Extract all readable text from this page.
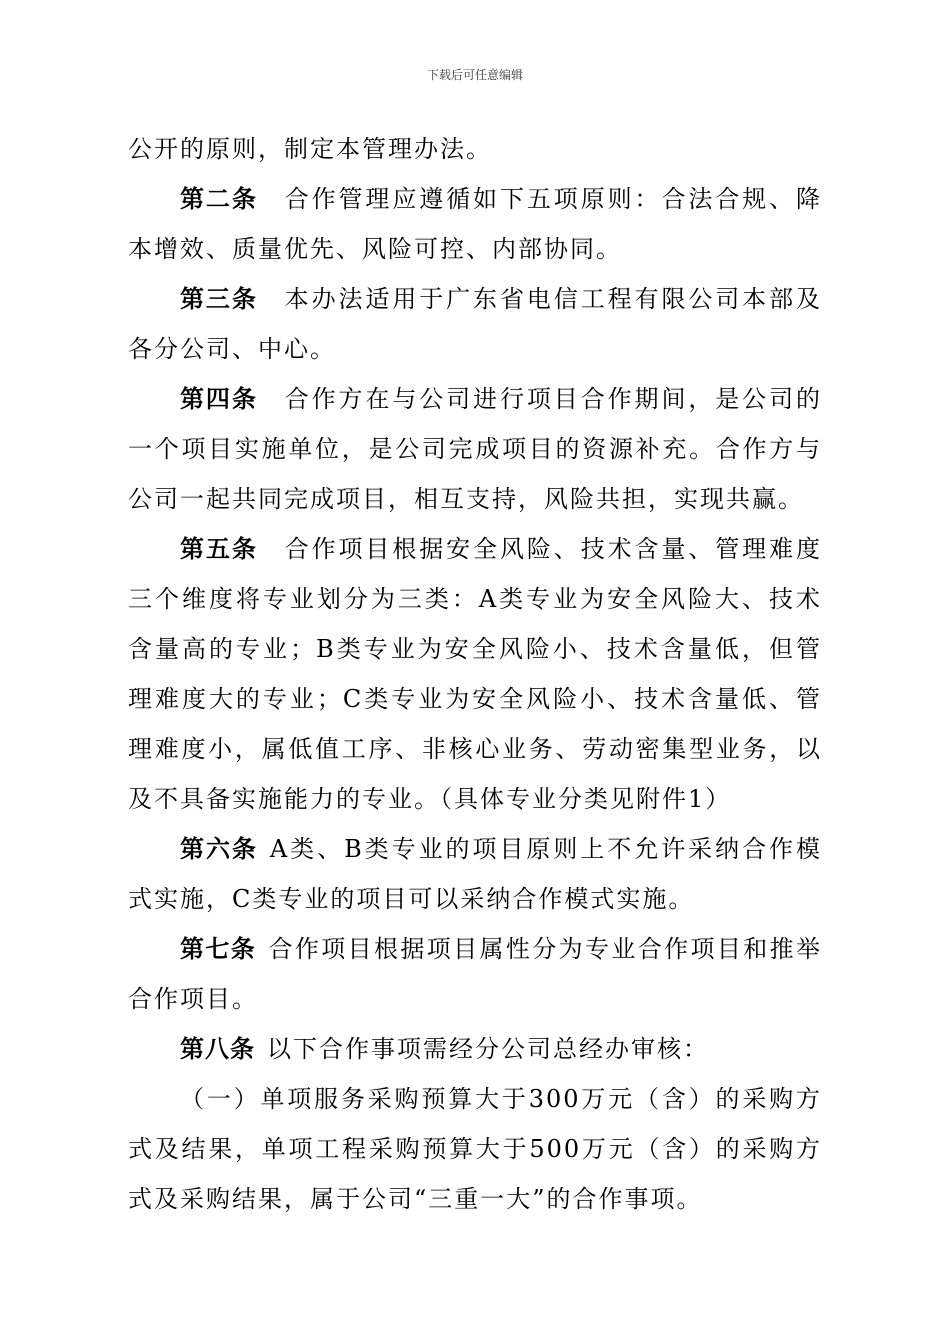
下载后可任意编辑

公开的原则，制定本管理办法。

第二条 合作管理应遵循如下五项原则：合法合规、降本增效、质量优先、风险可控、内部协同。

第三条 本办法适用于广东省电信工程有限公司本部及各分公司、中心。

第四条 合作方在与公司进行项目合作期间，是公司的一个项目实施单位，是公司完成项目的资源补充。合作方与公司一起共同完成项目，相互支持，风险共担，实现共赢。

第五条 合作项目根据安全风险、技术含量、管理难度三个维度将专业划分为三类：A类专业为安全风险大、技术含量高的专业；B类专业为安全风险小、技术含量低，但管理难度大的专业；C类专业为安全风险小、技术含量低、管理难度小，属低值工序、非核心业务、劳动密集型业务，以及不具备实施能力的专业。（具体专业分类见附件1）

第六条 A类、B类专业的项目原则上不允许采纳合作模式实施，C类专业的项目可以采纳合作模式实施。

第七条 合作项目根据项目属性分为专业合作项目和推举合作项目。

第八条 以下合作事项需经分公司总经办审核：

（一）单项服务采购预算大于300万元（含）的采购方式及结果，单项工程采购预算大于500万元（含）的采购方式及采购结果，属于公司“三重一大”的合作事项。
